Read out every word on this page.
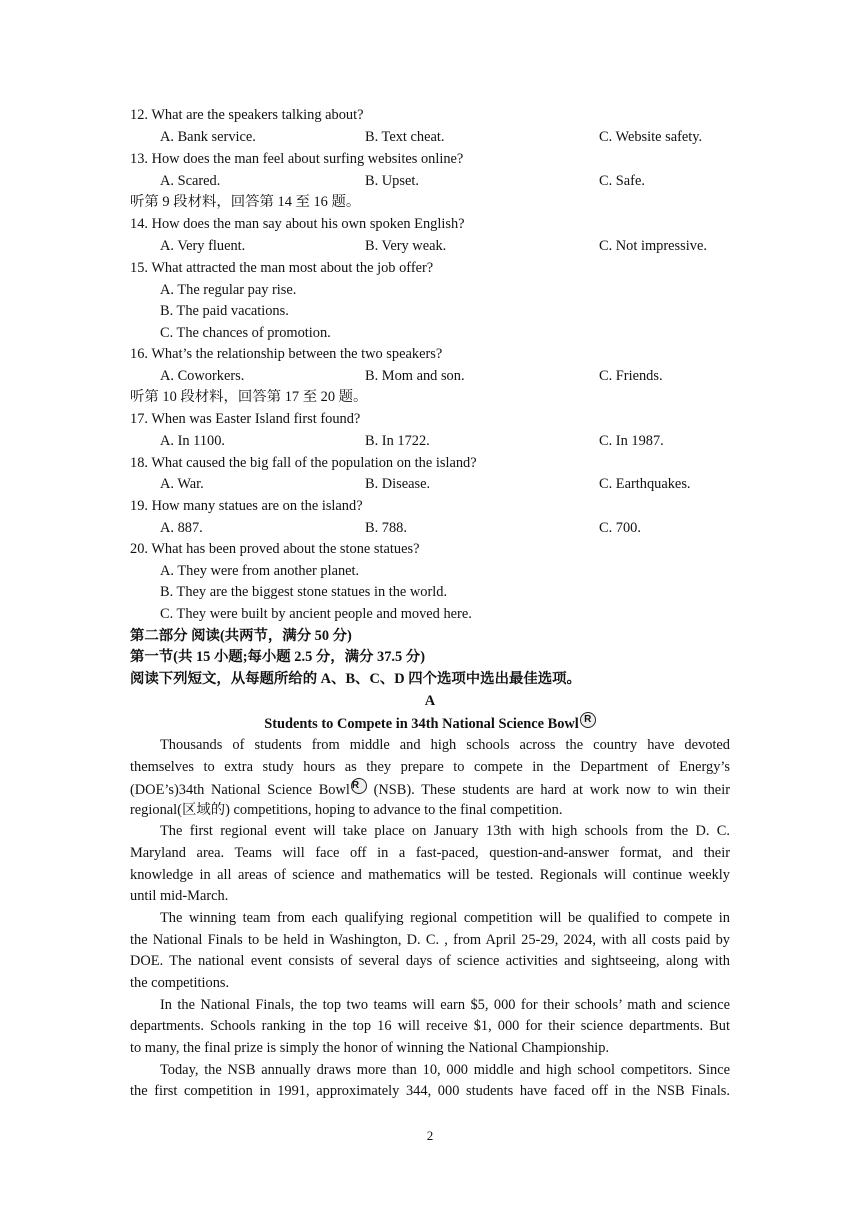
12. What are the speakers talking about?
A. Bank service.	B. Text cheat.	C. Website safety.
13. How does the man feel about surfing websites online?
A. Scared.	B. Upset.	C. Safe.
听第 9 段材料，回答第 14 至 16 题。
14. How does the man say about his own spoken English?
A. Very fluent.	B. Very weak.	C. Not impressive.
15. What attracted the man most about the job offer?
A. The regular pay rise.
B. The paid vacations.
C. The chances of promotion.
16. What’s the relationship between the two speakers?
A. Coworkers.	B. Mom and son.	C. Friends.
听第 10 段材料，回答第 17 至 20 题。
17. When was Easter Island first found?
A. In 1100.	B. In 1722.	C. In 1987.
18. What caused the big fall of the population on the island?
A. War.	B. Disease.	C. Earthquakes.
19. How many statues are on the island?
A. 887.	B. 788.	C. 700.
20. What has been proved about the stone statues?
A. They were from another planet.
B. They are the biggest stone statues in the world.
C. They were built by ancient people and moved here.
第二部分 阅读(共两节，满分 50 分)
第一节(共 15 小题;每小题 2.5 分，满分 37.5 分)
阅读下列短文，从每题所给的 A、B、C、D 四个选项中选出最佳选项。
A
Students to Compete in 34th National Science Bowl R
Thousands of students from middle and high schools across the country have devoted
themselves to extra study hours as they prepare to compete in the Department of Energy’s
(DOE’s)34th National Science Bowl R (NSB). These students are hard at work now to win their
regional(区域的) competitions, hoping to advance to the final competition.
The first regional event will take place on January 13th with high schools from the D. C.
Maryland area. Teams will face off in a fast-paced, question-and-answer format, and their
knowledge in all areas of science and mathematics will be tested. Regionals will continue weekly
until mid-March.
The winning team from each qualifying regional competition will be qualified to compete in
the National Finals to be held in Washington, D. C. , from April 25-29, 2024, with all costs paid by
DOE. The national event consists of several days of science activities and sightseeing, along with
the competitions.
In the National Finals, the top two teams will earn $5, 000 for their schools’ math and science
departments. Schools ranking in the top 16 will receive $1, 000 for their science departments. But
to many, the final prize is simply the honor of winning the National Championship.
Today, the NSB annually draws more than 10, 000 middle and high school competitors. Since
the first competition in 1991, approximately 344, 000 students have faced off in the NSB Finals.
2
